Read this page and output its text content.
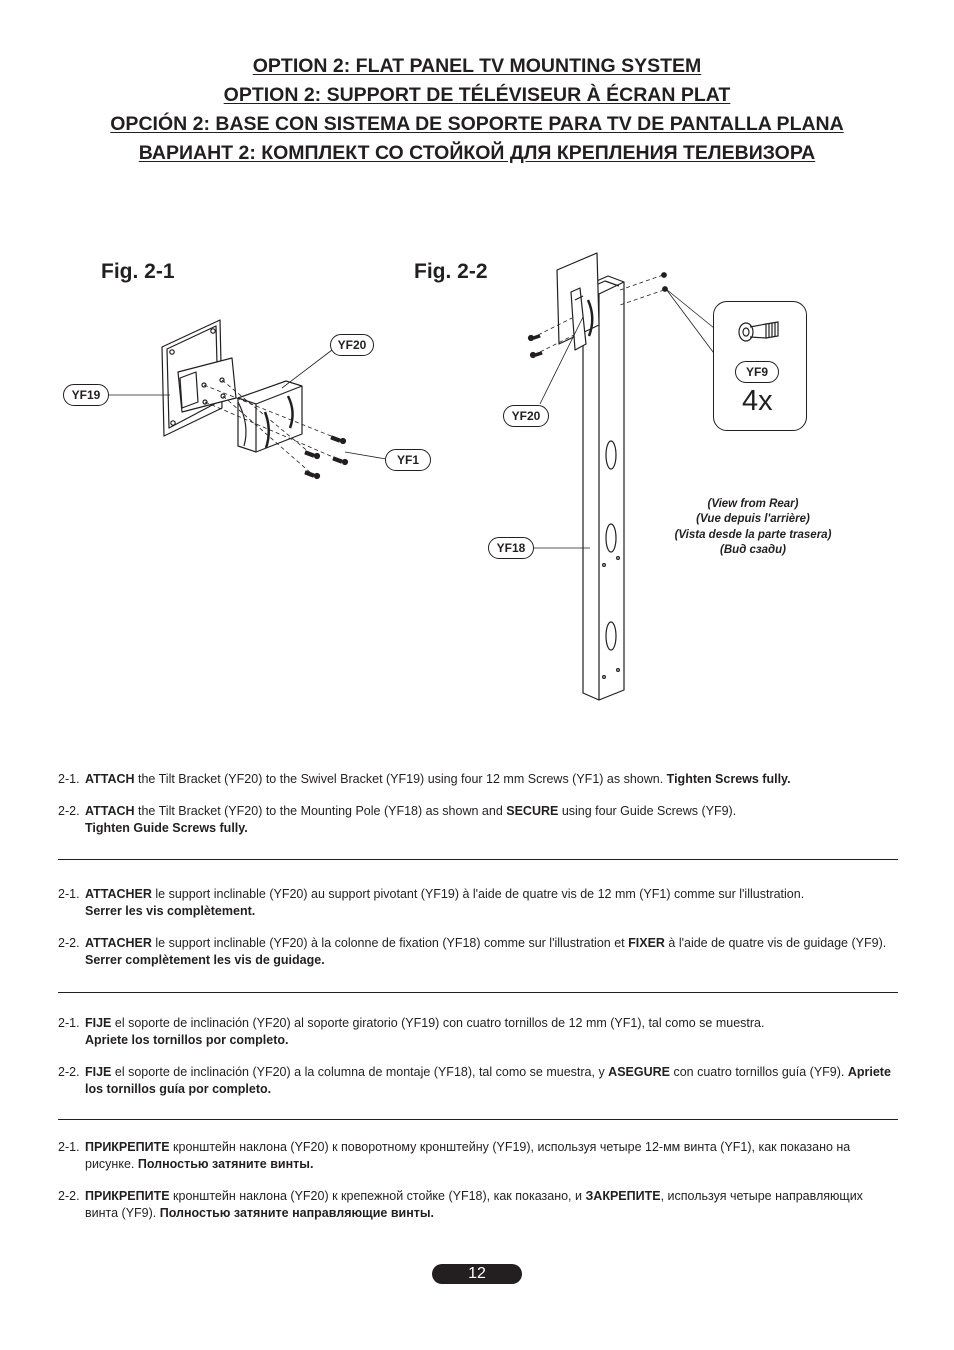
OPTION 2: FLAT PANEL TV MOUNTING SYSTEM
OPTION 2: SUPPORT DE TÉLÉVISEUR À ÉCRAN PLAT
OPCIÓN 2: BASE CON SISTEMA DE SOPORTE PARA TV DE PANTALLA PLANA
ВАРИАНТ 2: КОМПЛЕКТ СО СТОЙКОЙ ДЛЯ КРЕПЛЕНИЯ ТЕЛЕВИЗОРА
Fig. 2-1	Fig. 2-2
YF20
YF19
YF1
YF20
YF18
YF9
4x
(View from Rear)
(Vue depuis l'arrière)
(Vista desde la parte trasera)
(Вид сзади)
2-1. ATTACH the Tilt Bracket (YF20) to the Swivel Bracket (YF19) using four 12 mm Screws (YF1) as shown. Tighten Screws fully.
2-2. ATTACH the Tilt Bracket (YF20) to the Mounting Pole (YF18) as shown and SECURE using four Guide Screws (YF9).
Tighten Guide Screws fully.
2-1. ATTACHER le support inclinable (YF20) au support pivotant (YF19) à l'aide de quatre vis de 12 mm (YF1) comme sur l'illustration.
Serrer les vis complètement.
2-2. ATTACHER le support inclinable (YF20) à la colonne de fixation (YF18) comme sur l'illustration et FIXER à l'aide de quatre vis de guidage (YF9). Serrer complètement les vis de guidage.
2-1. FIJE el soporte de inclinación (YF20) al soporte giratorio (YF19) con cuatro tornillos de 12 mm (YF1), tal como se muestra.
Apriete los tornillos por completo.
2-2. FIJE el soporte de inclinación (YF20) a la columna de montaje (YF18), tal como se muestra, y ASEGURE con cuatro tornillos guía (YF9). Apriete los tornillos guía por completo.
2-1. ПРИКРЕПИТЕ кронштейн наклона (YF20) к поворотному кронштейну (YF19), используя четыре 12-мм винта (YF1), как показано на рисунке. Полностью затяните винты.
2-2. ПРИКРЕПИТЕ кронштейн наклона (YF20) к крепежной стойке (YF18), как показано, и ЗАКРЕПИТЕ, используя четыре направляющих винта (YF9). Полностью затяните направляющие винты.
12
